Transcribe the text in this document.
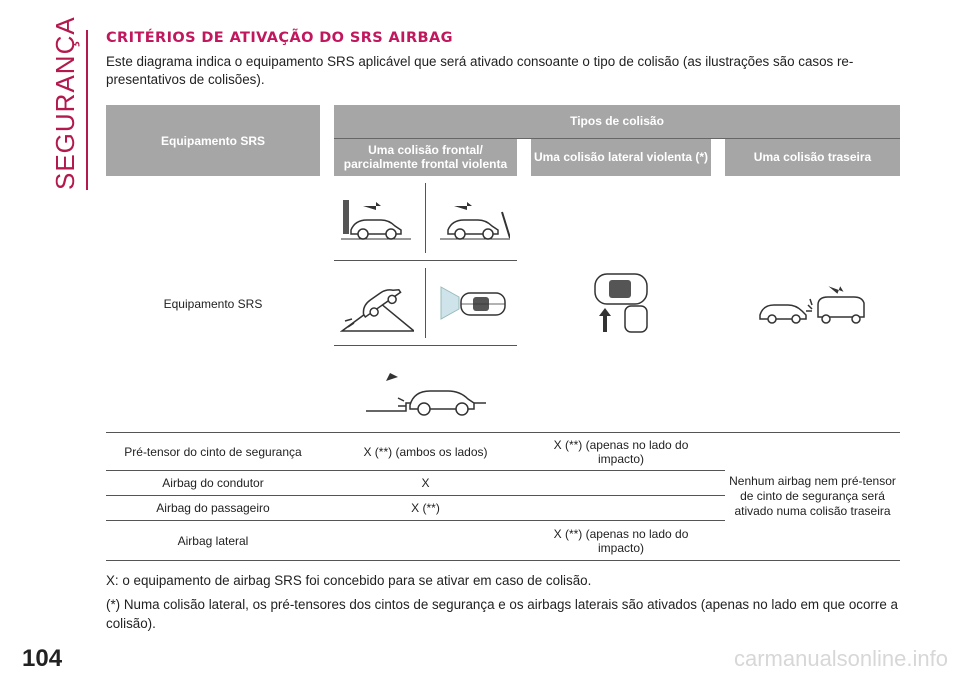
SEGURANÇA CRITÉRIOS DE ATIVAÇÃO DO SRS AIRBAG

Este diagrama indica o equipamento SRS aplicável que será ativado consoante o tipo de colisão (as ilustrações são casos re-presentativos de colisões).

Equipamento SRS		Tipos de colisão				
		Uma colisão frontal/ parcialmente frontal violenta		Uma colisão lateral violenta (*)		Uma colisão traseira
Equipamento SRS		

Pré-tensor do cinto de segurança		X (**) (ambos os lados)		X (**) (apenas no lado do impacto)		Nenhum airbag nem pré-tensor de cinto de segurança será ativado numa colisão traseira
Airbag do condutor		X				
Airbag do passageiro		X (**)				
Airbag lateral				X (**) (apenas no lado do impacto)		

X: o equipamento de airbag SRS foi concebido para se ativar em caso de colisão.

(*) Numa colisão lateral, os pré-tensores dos cintos de segurança e os airbags laterais são ativados (apenas no lado em que ocorre a colisão).

104	carmanualsonline.info
